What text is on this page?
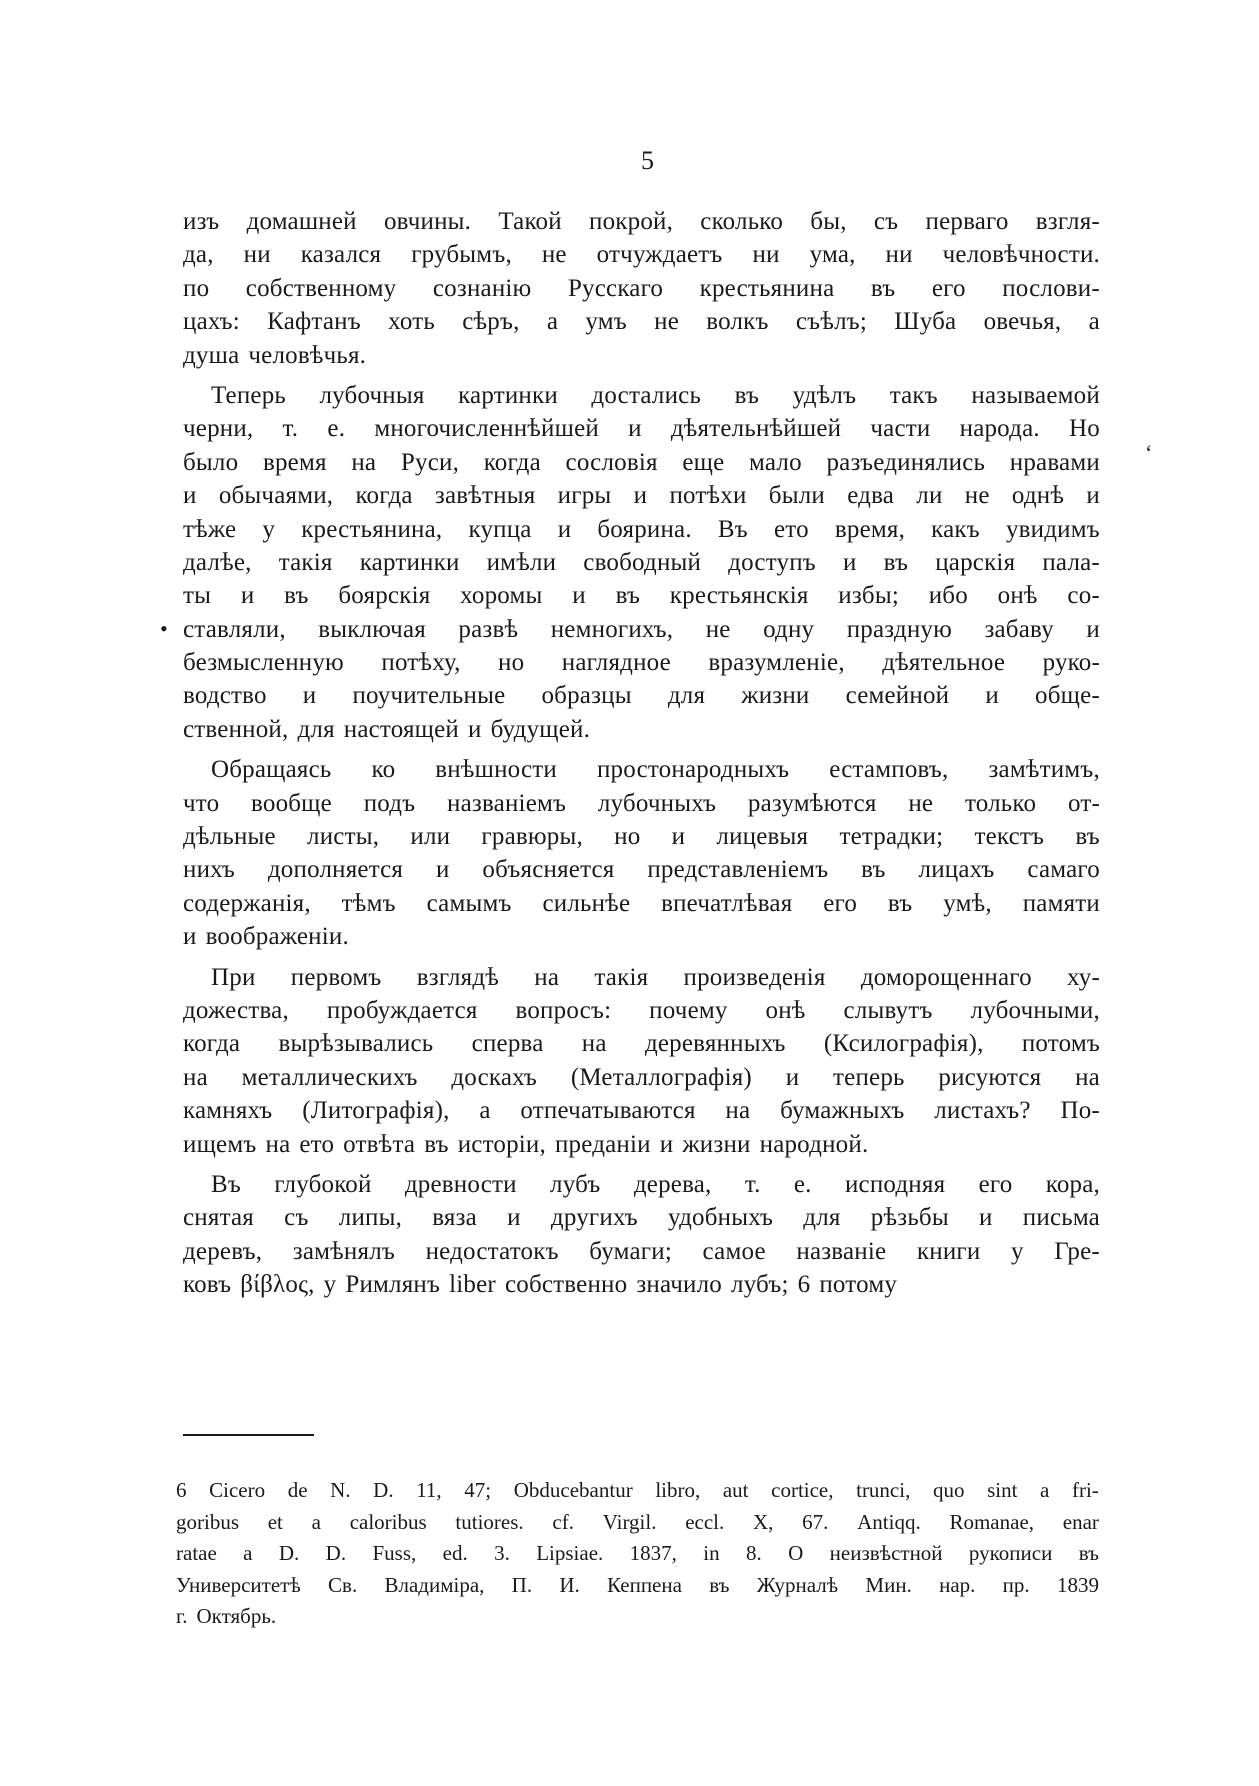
5
изъ домашней овчины. Такой покрой, сколько бы, съ перваго взгля-
да, ни казался грубымъ, не отчуждаетъ ни ума, ни человѣчности.
по собственному сознанію Русскаго крестьянина въ его послови-
цахъ: Кафтанъ хоть сѣръ, а умъ не волкъ съѣлъ; Шуба овечья, а
душа человѣчья.
Теперь лубочныя картинки достались въ удѣлъ такъ называемой
черни, т. е. многочисленнѣйшей и дѣятельнѣйшей части народа. Но
было время на Руси, когда сословія еще мало разъединялись нравами
и обычаями, когда завѣтныя игры и потѣхи были едва ли не однѣ и
тѣже у крестьянина, купца и боярина. Въ ето время, какъ увидимъ
далѣе, такія картинки имѣли свободный доступъ и въ царскія пала-
ты и въ боярскія хоромы и въ крестьянскія избы; ибо онѣ со-
ставляли, выключая развѣ немногихъ, не одну праздную забаву и
безмысленную потѣху, но наглядное вразумленіе, дѣятельное руко-
водство и поучительные образцы для жизни семейной и обще-
ственной, для настоящей и будущей.
Обращаясь ко внѣшности простонародныхъ естамповъ, замѣтимъ,
что вообще подъ названіемъ лубочныхъ разумѣются не только от-
дѣльные листы, или гравюры, но и лицевыя тетрадки; текстъ въ
нихъ дополняется и объясняется представленіемъ въ лицахъ самаго
содержанія, тѣмъ самымъ сильнѣе впечатлѣвая его въ умѣ, памяти
и воображеніи.
При первомъ взглядѣ на такія произведенія доморощеннаго ху-
дожества, пробуждается вопросъ: почему онѣ слывутъ лубочными,
когда вырѣзывались сперва на деревянныхъ (Ксилографія), потомъ
на металлическихъ доскахъ (Металлографія) и теперь рисуются на
камняхъ (Литографія), а отпечатываются на бумажныхъ листахъ? По-
ищемъ на ето отвѣта въ исторіи, преданіи и жизни народной.
Въ глубокой древности лубъ дерева, т. е. исподняя его кора,
снятая съ липы, вяза и другихъ удобныхъ для рѣзьбы и письма
деревъ, замѣнялъ недостатокъ бумаги; самое названіе книги у Гре-
ковъ βίβλος, у Римлянъ liber собственно значило лубъ; 6 потому
6 Cicero de N. D. 11, 47; Obducebantur libro, aut cortice, trunci, quo sint a fri-
goribus et a caloribus tutiores. cf. Virgil. eccl. X, 67. Antiqq. Romanae, enar
ratae a D. D. Fuss, ed. 3. Lipsiae. 1837, in 8. О неизвѣстной рукописи въ
Университетѣ Св. Владиміра, П. И. Кеппена въ Журналѣ Мин. нар. пр. 1839
г. Октябрь.
‘
•
